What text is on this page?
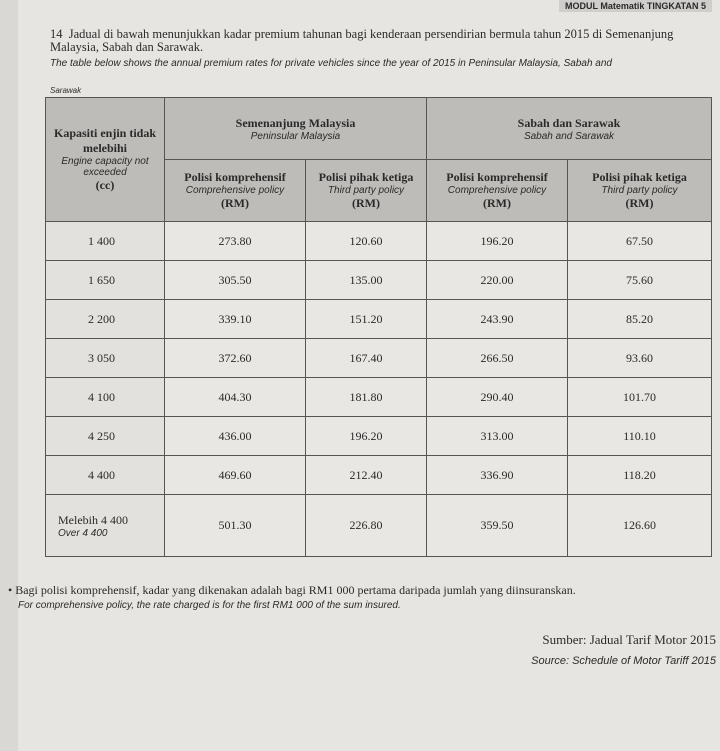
MODUL Matematik TINGKATAN 5
14 Jadual di bawah menunjukkan kadar premium tahunan bagi kenderaan persendirian bermula tahun 2015 di Semenanjung Malaysia, Sabah dan Sarawak.
The table below shows the annual premium rates for private vehicles since the year of 2015 in Peninsular Malaysia, Sabah and
Sarawak
Kapasiti enjin tidak melebihi
Engine capacity not exceeded
(cc)	Semenanjung Malaysia
Peninsular Malaysia		Sabah dan Sarawak
Sabah and Sarawak	

	Polisi komprehensif
Comprehensive policy
(RM)	Polisi pihak ketiga
Third party policy
(RM)	Polisi komprehensif
Comprehensive policy
(RM)	Polisi pihak ketiga
Third party policy
(RM)
1 400	273.80	120.60	196.20	67.50
1 650	305.50	135.00	220.00	75.60
2 200	339.10	151.20	243.90	85.20
3 050	372.60	167.40	266.50	93.60
4 100	404.30	181.80	290.40	101.70
4 250	436.00	196.20	313.00	110.10
4 400	469.60	212.40	336.90	118.20
Melebih 4 400
Over 4 400	501.30	226.80	359.50	126.60
• Bagi polisi komprehensif, kadar yang dikenakan adalah bagi RM1 000 pertama daripada jumlah yang diinsuranskan.
For comprehensive policy, the rate charged is for the first RM1 000 of the sum insured.
Sumber: Jadual Tarif Motor 2015
Source: Schedule of Motor Tariff 2015
